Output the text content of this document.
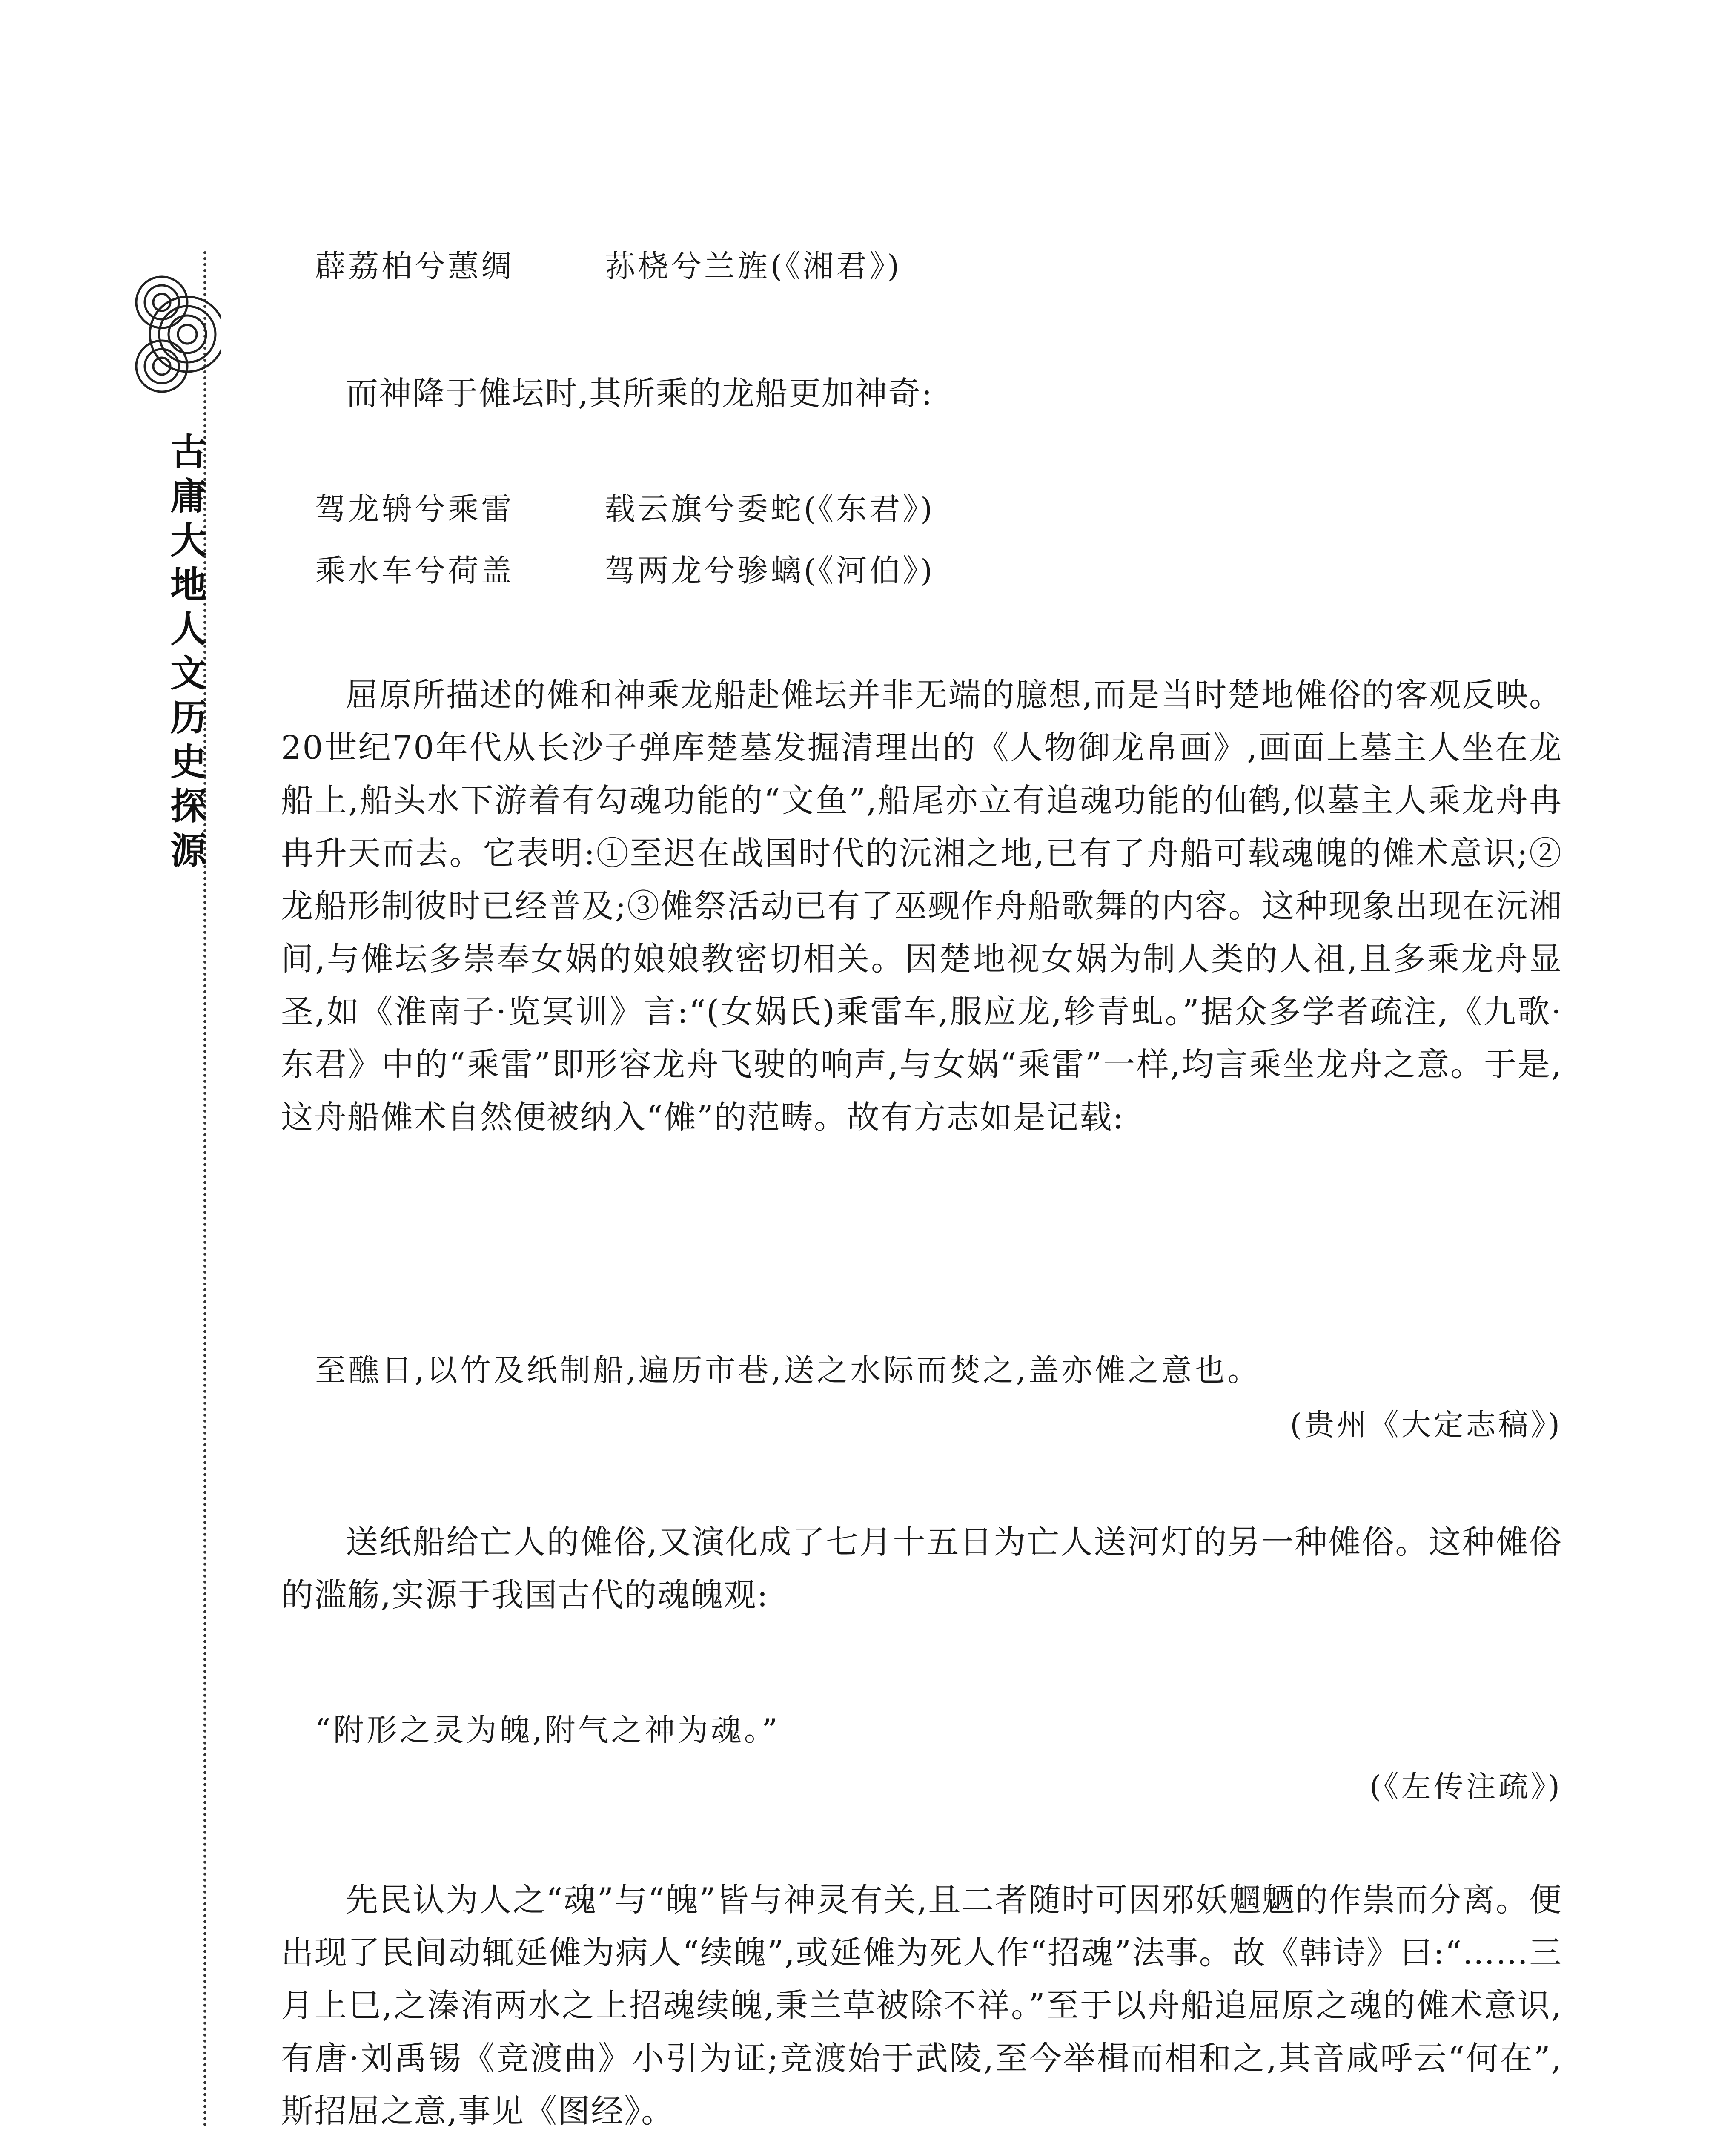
古
庸
大
地
人
文
历
史
探
源
薜荔柏兮蕙绸	荪桡兮兰旌(《湘君》)

而神降于傩坛时,其所乘的龙船更加神奇:

驾龙辀兮乘雷	载云旗兮委蛇(《东君》)
乘水车兮荷盖	驾两龙兮骖螭(《河伯》)

屈原所描述的傩和神乘龙船赴傩坛并非无端的臆想,而是当时楚地傩俗的客观反映。20世纪70年代从长沙子弹库楚墓发掘清理出的《人物御龙帛画》,画面上墓主人坐在龙船上,船头水下游着有勾魂功能的“文鱼”,船尾亦立有追魂功能的仙鹤,似墓主人乘龙舟冉冉升天而去。它表明:①至迟在战国时代的沅湘之地,已有了舟船可载魂魄的傩术意识;②龙船形制彼时已经普及;③傩祭活动已有了巫觋作舟船歌舞的内容。这种现象出现在沅湘间,与傩坛多崇奉女娲的娘娘教密切相关。因楚地视女娲为制人类的人祖,且多乘龙舟显圣,如《淮南子·览冥训》言:“(女娲氏)乘雷车,服应龙,轸青虬。”据众多学者疏注,《九歌·东君》中的“乘雷”即形容龙舟飞驶的响声,与女娲“乘雷”一样,均言乘坐龙舟之意。于是,这舟船傩术自然便被纳入“傩”的范畴。故有方志如是记载:

至醮日,以竹及纸制船,遍历市巷,送之水际而焚之,盖亦傩之意也。
(贵州《大定志稿》)

送纸船给亡人的傩俗,又演化成了七月十五日为亡人送河灯的另一种傩俗。这种傩俗的滥觞,实源于我国古代的魂魄观:

“附形之灵为魄,附气之神为魂。”
(《左传注疏》)

先民认为人之“魂”与“魄”皆与神灵有关,且二者随时可因邪妖魍魉的作祟而分离。便出现了民间动辄延傩为病人“续魄”,或延傩为死人作“招魂”法事。故《韩诗》曰:“……三月上巳,之溱洧两水之上招魂续魄,秉兰草被除不祥。”至于以舟船追屈原之魂的傩术意识,有唐·刘禹锡《竞渡曲》小引为证;竞渡始于武陵,至今举楫而相和之,其音咸呼云“何在”,斯招屈之意,事见《图经》。
